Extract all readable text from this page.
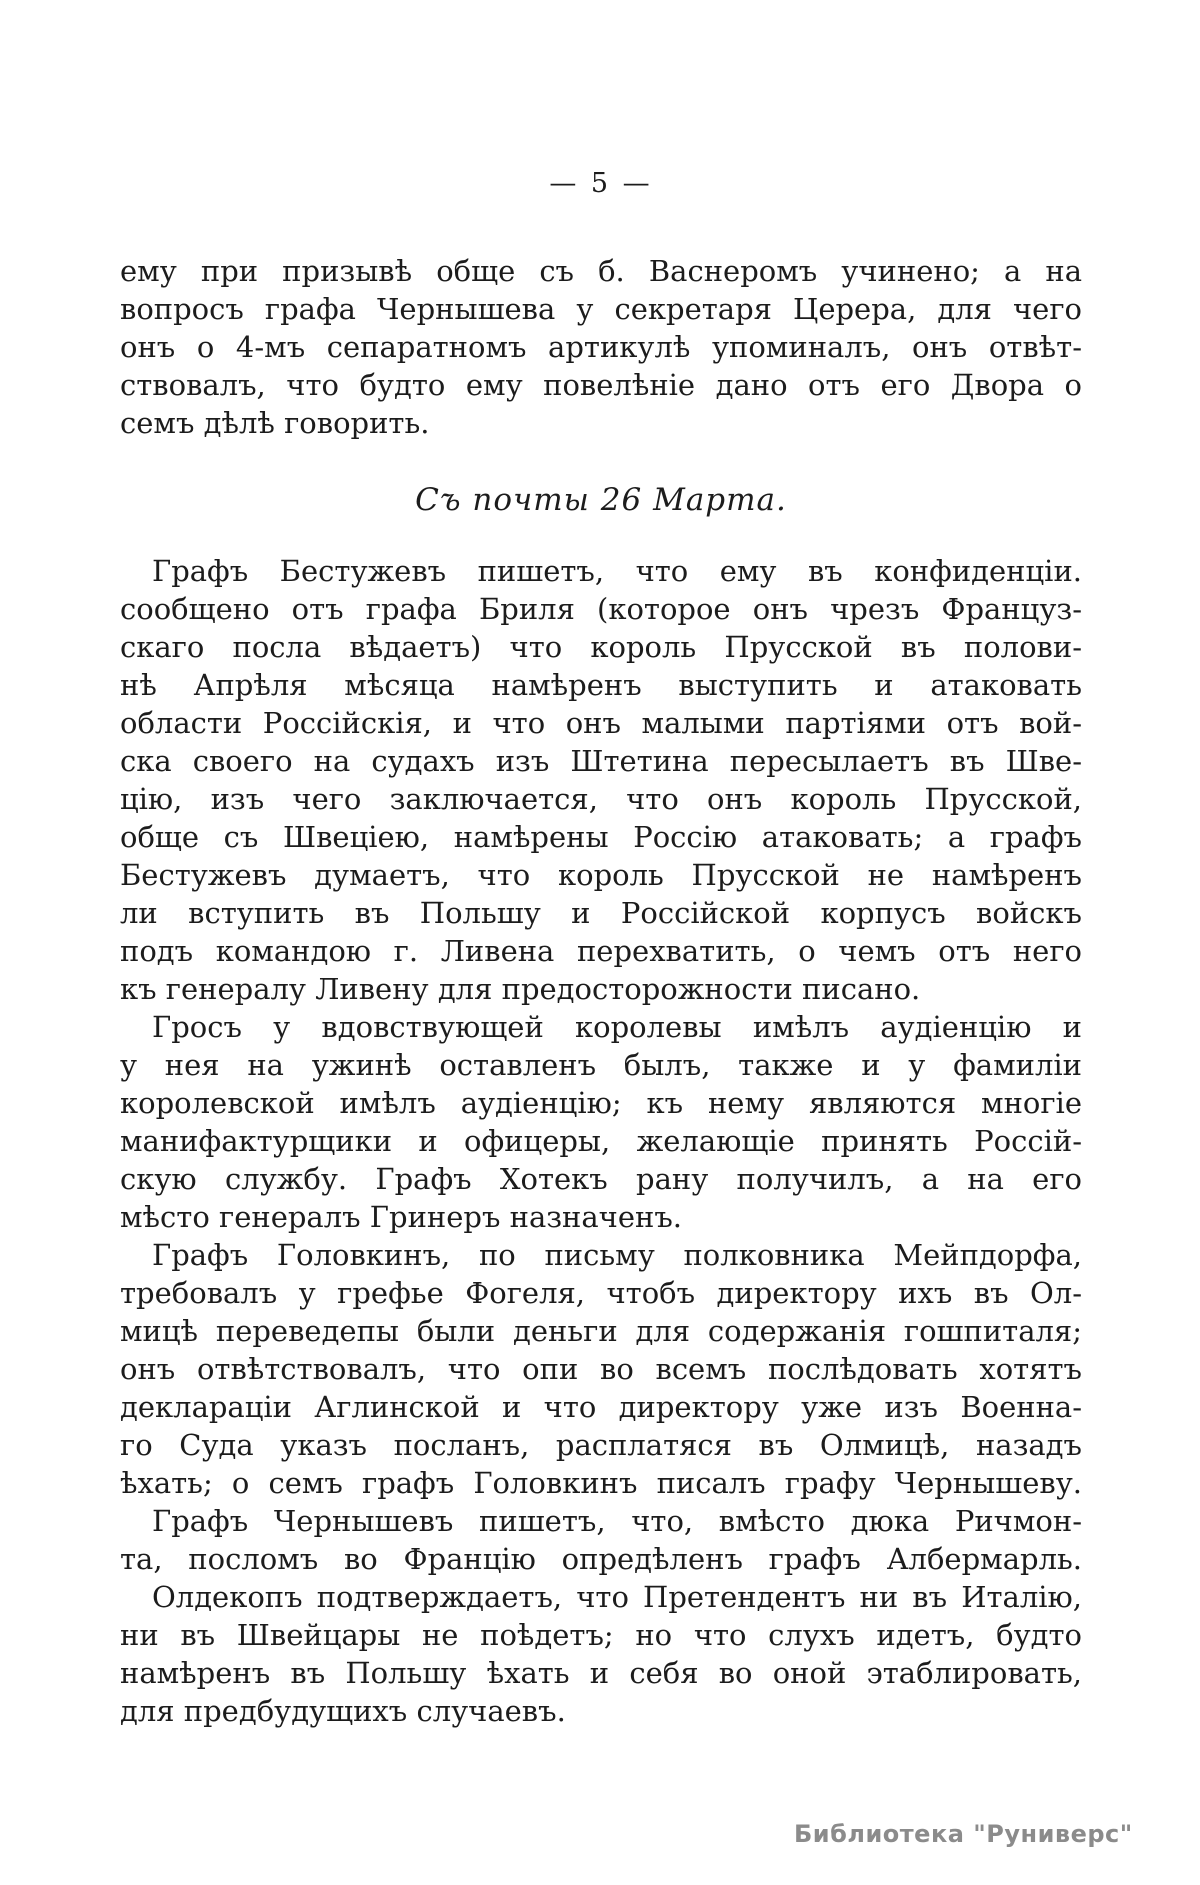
— 5 —
ему при призывѣ обще съ б. Васнеромъ учинено; а на
вопросъ графа Чернышева у секретаря Церера, для чего
онъ о 4-мъ сепаратномъ артикулѣ упоминалъ, онъ отвѣт-
ствовалъ, что будто ему повелѣніе дано отъ его Двора о
семъ дѣлѣ говорить.
Съ почты 26 Марта.
Графъ Бестужевъ пишетъ, что ему въ конфиденціи.
сообщено отъ графа Бриля (которое онъ чрезъ Француз-
скаго посла вѣдаетъ) что король Прусской въ полови-
нѣ Апрѣля мѣсяца намѣренъ выступить и атаковать
области Россійскія, и что онъ малыми партіями отъ вой-
ска своего на судахъ изъ Штетина пересылаетъ въ Шве-
цію, изъ чего заключается, что онъ король Прусской,
обще съ Швеціею, намѣрены Россію атаковать; а графъ
Бестужевъ думаетъ, что король Прусской не намѣренъ
ли вступить въ Польшу и Россійской корпусъ войскъ
подъ командою г. Ливена перехватить, о чемъ отъ него
къ генералу Ливену для предосторожности писано.
Гросъ у вдовствующей королевы имѣлъ аудіенцію и
у нея на ужинѣ оставленъ былъ, также и у фамиліи
королевской имѣлъ аудіенцію; къ нему являются многіе
манифактурщики и офицеры, желающіе принять Россій-
скую службу. Графъ Хотекъ рану получилъ, а на его
мѣсто генералъ Гринеръ назначенъ.
Графъ Головкинъ, по письму полковника Мейпдорфа,
требовалъ у грефье Фогеля, чтобъ директору ихъ въ Ол-
мицѣ переведепы были деньги для содержанія гошпиталя;
онъ отвѣтствовалъ, что опи во всемъ послѣдовать хотятъ
деклараціи Аглинской и что директору уже изъ Военна-
го Суда указъ посланъ, расплатяся въ Олмицѣ, назадъ
ѣхать; о семъ графъ Головкинъ писалъ графу Чернышеву.
Графъ Чернышевъ пишетъ, что, вмѣсто дюка Ричмон-
та, посломъ во Францію опредѣленъ графъ Албермарль.
Олдекопъ подтверждаетъ, что Претендентъ ни въ Италію,
ни въ Швейцары не поѣдетъ; но что слухъ идетъ, будто
намѣренъ въ Польшу ѣхать и себя во оной этаблировать,
для предбудущихъ случаевъ.
Библиотека "Руниверс"
